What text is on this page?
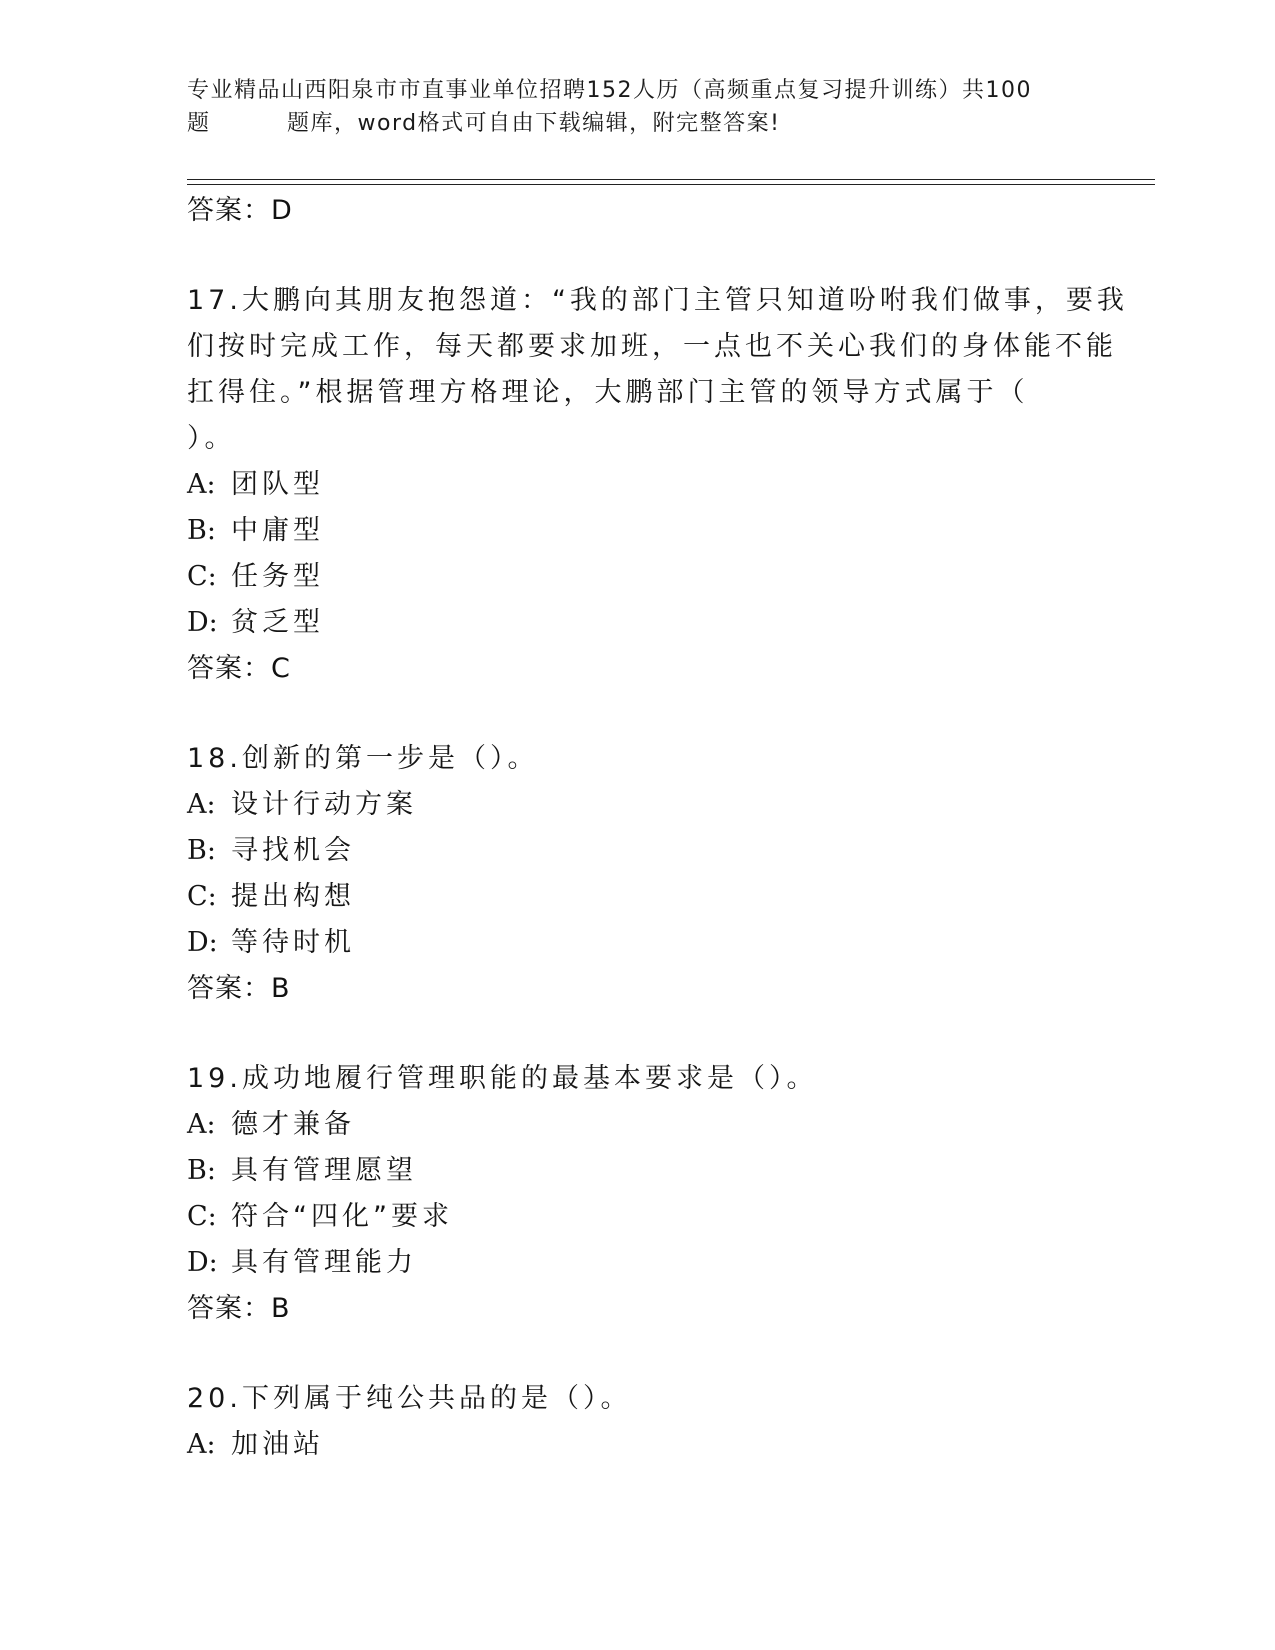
专业精品山西阳泉市市直事业单位招聘152人历（高频重点复习提升训练）共100
题	题库，word格式可自由下载编辑，附完整答案!
答案：D
17.大鹏向其朋友抱怨道：“我的部门主管只知道吩咐我们做事，要我
们按时完成工作，每天都要求加班，一点也不关心我们的身体能不能
扛得住。”根据管理方格理论，大鹏部门主管的领导方式属于（
）。
A: 团队型
B: 中庸型
C: 任务型
D: 贫乏型
答案：C
18.创新的第一步是（）。
A: 设计行动方案
B: 寻找机会
C: 提出构想
D: 等待时机
答案：B
19.成功地履行管理职能的最基本要求是（）。
A: 德才兼备
B: 具有管理愿望
C: 符合“四化”要求
D: 具有管理能力
答案：B
20.下列属于纯公共品的是（）。
A: 加油站
